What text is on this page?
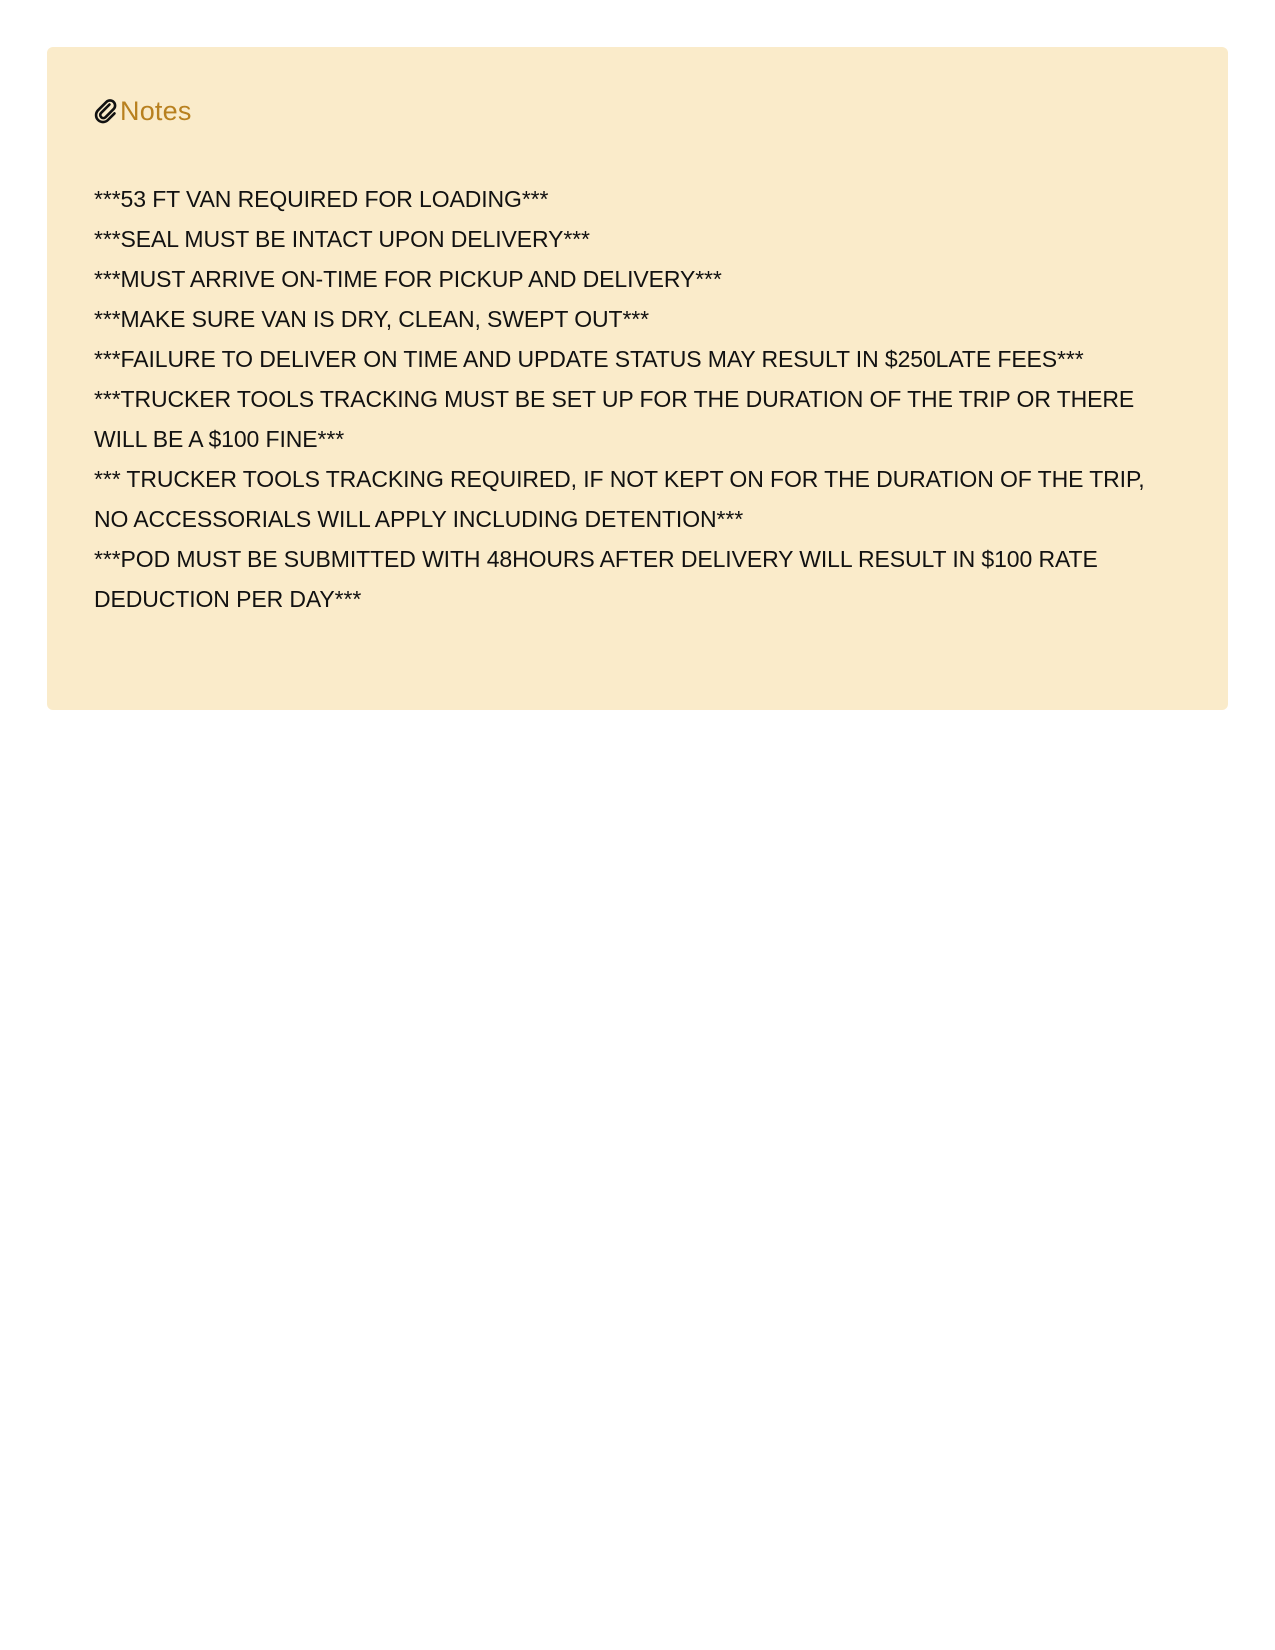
Notes
***53 FT VAN REQUIRED FOR LOADING***
***SEAL MUST BE INTACT UPON DELIVERY***
***MUST ARRIVE ON-TIME FOR PICKUP AND DELIVERY***
***MAKE SURE VAN IS DRY, CLEAN, SWEPT OUT***
***FAILURE TO DELIVER ON TIME AND UPDATE STATUS MAY RESULT IN $250LATE FEES***
***TRUCKER TOOLS TRACKING MUST BE SET UP FOR THE DURATION OF THE TRIP OR THERE WILL BE A $100 FINE***
*** TRUCKER TOOLS TRACKING REQUIRED, IF NOT KEPT ON FOR THE DURATION OF THE TRIP, NO ACCESSORIALS WILL APPLY INCLUDING DETENTION***
***POD MUST BE SUBMITTED WITH 48HOURS AFTER DELIVERY WILL RESULT IN $100 RATE DEDUCTION PER DAY***
